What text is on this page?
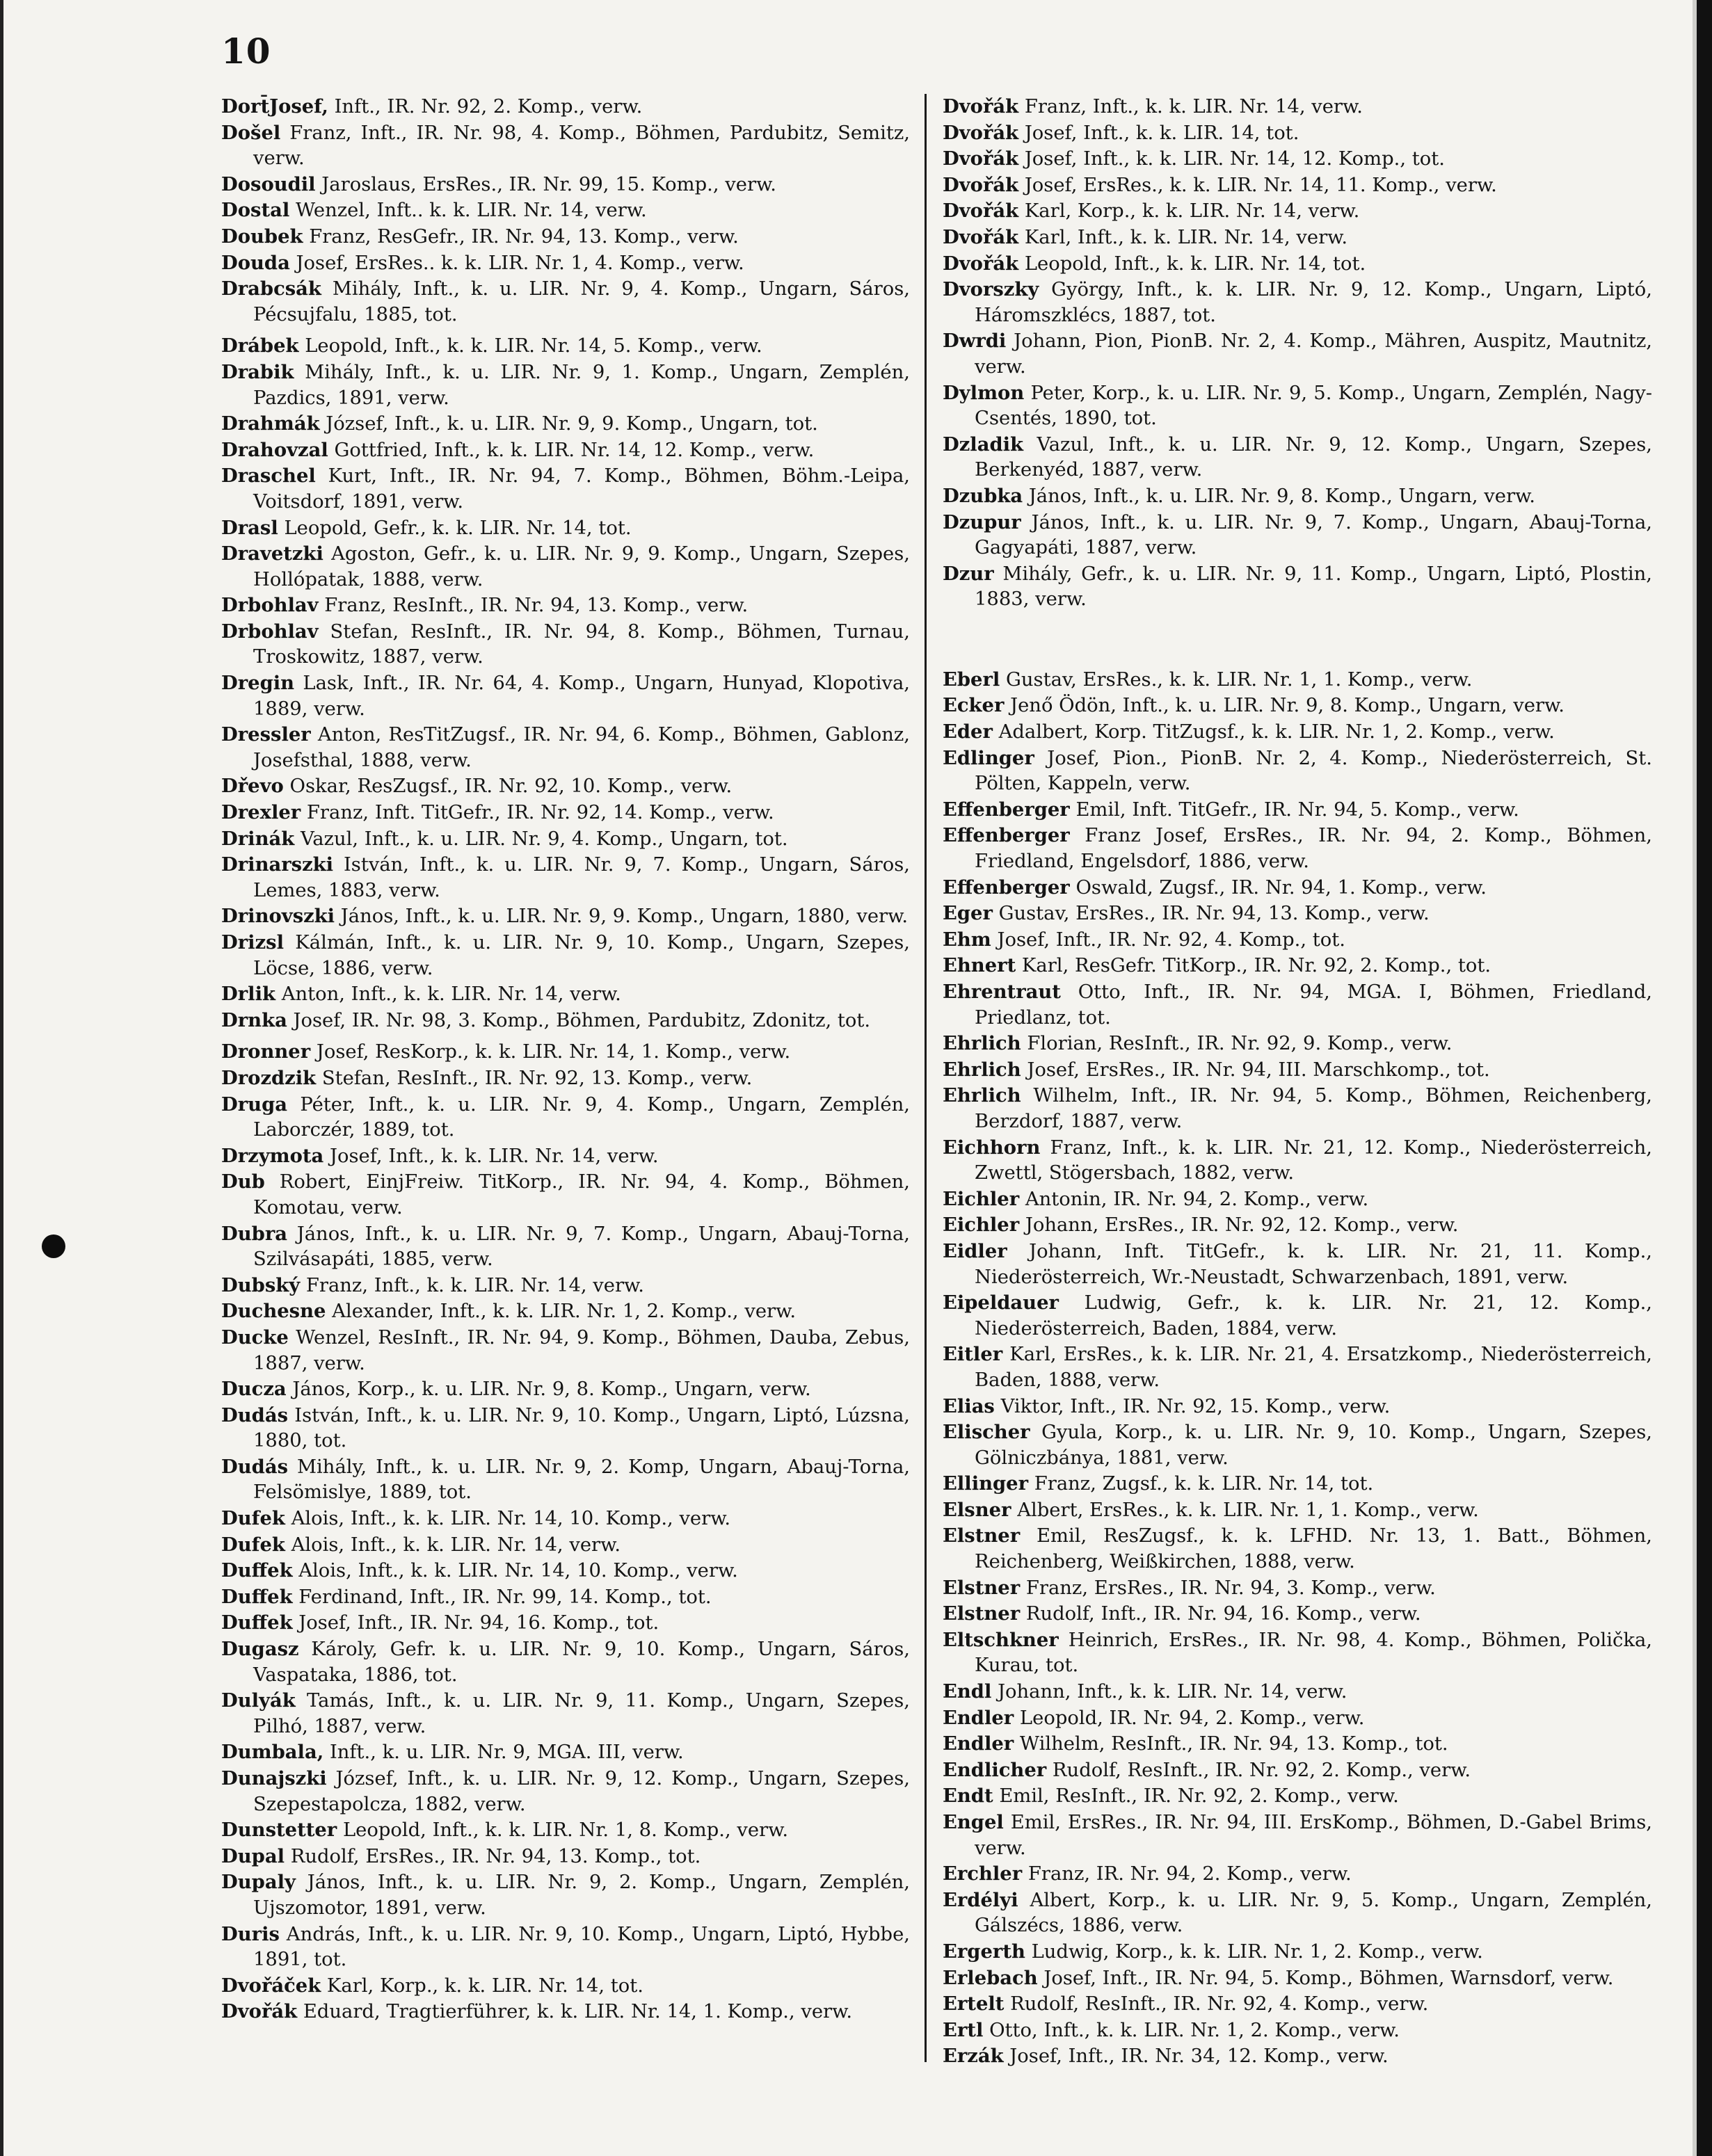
10

Dort̄Josef, Inft., IR. Nr. 92, 2. Komp., verw.

Došel Franz, Inft., IR. Nr. 98, 4. Komp., Böhmen, Pardubitz, Semitz, verw.

Dosoudil Jaroslaus, ErsRes., IR. Nr. 99, 15. Komp., verw.

Dostal Wenzel, Inft.. k. k. LIR. Nr. 14, verw.

Doubek Franz, ResGefr., IR. Nr. 94, 13. Komp., verw.

Douda Josef, ErsRes.. k. k. LIR. Nr. 1, 4. Komp., verw.

Drabcsák Mihály, Inft., k. u. LIR. Nr. 9, 4. Komp., Ungarn, Sáros, Pécsujfalu, 1885, tot.

Drábek Leopold, Inft., k. k. LIR. Nr. 14, 5. Komp., verw.

Drabik Mihály, Inft., k. u. LIR. Nr. 9, 1. Komp., Ungarn, Zemplén, Pazdics, 1891, verw.

Drahmák József, Inft., k. u. LIR. Nr. 9, 9. Komp., Ungarn, tot.

Drahovzal Gottfried, Inft., k. k. LIR. Nr. 14, 12. Komp., verw.

Draschel Kurt, Inft., IR. Nr. 94, 7. Komp., Böhmen, Böhm.-Leipa, Voitsdorf, 1891, verw.

Drasl Leopold, Gefr., k. k. LIR. Nr. 14, tot.

Dravetzki Agoston, Gefr., k. u. LIR. Nr. 9, 9. Komp., Ungarn, Szepes, Hollópatak, 1888, verw.

Drbohlav Franz, ResInft., IR. Nr. 94, 13. Komp., verw.

Drbohlav Stefan, ResInft., IR. Nr. 94, 8. Komp., Böhmen, Turnau, Troskowitz, 1887, verw.

Dregin Lask, Inft., IR. Nr. 64, 4. Komp., Ungarn, Hunyad, Klopotiva, 1889, verw.

Dressler Anton, ResTitZugsf., IR. Nr. 94, 6. Komp., Böhmen, Gablonz, Josefsthal, 1888, verw.

Dřevo Oskar, ResZugsf., IR. Nr. 92, 10. Komp., verw.

Drexler Franz, Inft. TitGefr., IR. Nr. 92, 14. Komp., verw.

Drinák Vazul, Inft., k. u. LIR. Nr. 9, 4. Komp., Ungarn, tot.

Drinarszki István, Inft., k. u. LIR. Nr. 9, 7. Komp., Ungarn, Sáros, Lemes, 1883, verw.

Drinovszki János, Inft., k. u. LIR. Nr. 9, 9. Komp., Ungarn, 1880, verw.

Drizsl Kálmán, Inft., k. u. LIR. Nr. 9, 10. Komp., Ungarn, Szepes, Löcse, 1886, verw.

Drlik Anton, Inft., k. k. LIR. Nr. 14, verw.

Drnka Josef, IR. Nr. 98, 3. Komp., Böhmen, Pardubitz, Zdonitz, tot.

Dronner Josef, ResKorp., k. k. LIR. Nr. 14, 1. Komp., verw.

Drozdzik Stefan, ResInft., IR. Nr. 92, 13. Komp., verw.

Druga Péter, Inft., k. u. LIR. Nr. 9, 4. Komp., Ungarn, Zemplén, Laborczér, 1889, tot.

Drzymota Josef, Inft., k. k. LIR. Nr. 14, verw.

Dub Robert, EinjFreiw. TitKorp., IR. Nr. 94, 4. Komp., Böhmen, Komotau, verw.

Dubra János, Inft., k. u. LIR. Nr. 9, 7. Komp., Ungarn, Abauj-Torna, Szilvásapáti, 1885, verw.

Dubský Franz, Inft., k. k. LIR. Nr. 14, verw.

Duchesne Alexander, Inft., k. k. LIR. Nr. 1, 2. Komp., verw.

Ducke Wenzel, ResInft., IR. Nr. 94, 9. Komp., Böhmen, Dauba, Zebus, 1887, verw.

Ducza János, Korp., k. u. LIR. Nr. 9, 8. Komp., Ungarn, verw.

Dudás István, Inft., k. u. LIR. Nr. 9, 10. Komp., Ungarn, Liptó, Lúzsna, 1880, tot.

Dudás Mihály, Inft., k. u. LIR. Nr. 9, 2. Komp, Ungarn, Abauj-Torna, Felsömislye, 1889, tot.

Dufek Alois, Inft., k. k. LIR. Nr. 14, 10. Komp., verw.

Dufek Alois, Inft., k. k. LIR. Nr. 14, verw.

Duffek Alois, Inft., k. k. LIR. Nr. 14, 10. Komp., verw.

Duffek Ferdinand, Inft., IR. Nr. 99, 14. Komp., tot.

Duffek Josef, Inft., IR. Nr. 94, 16. Komp., tot.

Dugasz Károly, Gefr. k. u. LIR. Nr. 9, 10. Komp., Ungarn, Sáros, Vaspataka, 1886, tot.

Dulyák Tamás, Inft., k. u. LIR. Nr. 9, 11. Komp., Ungarn, Szepes, Pilhó, 1887, verw.

Dumbala, Inft., k. u. LIR. Nr. 9, MGA. III, verw.

Dunajszki József, Inft., k. u. LIR. Nr. 9, 12. Komp., Ungarn, Szepes, Szepestapolcza, 1882, verw.

Dunstetter Leopold, Inft., k. k. LIR. Nr. 1, 8. Komp., verw.

Dupal Rudolf, ErsRes., IR. Nr. 94, 13. Komp., tot.

Dupaly János, Inft., k. u. LIR. Nr. 9, 2. Komp., Ungarn, Zemplén, Ujszomotor, 1891, verw.

Duris András, Inft., k. u. LIR. Nr. 9, 10. Komp., Ungarn, Liptó, Hybbe, 1891, tot.

Dvořáček Karl, Korp., k. k. LIR. Nr. 14, tot.

Dvořák Eduard, Tragtierführer, k. k. LIR. Nr. 14, 1. Komp., verw.

Dvořák Franz, Inft., k. k. LIR. Nr. 14, verw.

Dvořák Josef, Inft., k. k. LIR. 14, tot.

Dvořák Josef, Inft., k. k. LIR. Nr. 14, 12. Komp., tot.

Dvořák Josef, ErsRes., k. k. LIR. Nr. 14, 11. Komp., verw.

Dvořák Karl, Korp., k. k. LIR. Nr. 14, verw.

Dvořák Karl, Inft., k. k. LIR. Nr. 14, verw.

Dvořák Leopold, Inft., k. k. LIR. Nr. 14, tot.

Dvorszky György, Inft., k. k. LIR. Nr. 9, 12. Komp., Ungarn, Liptó, Háromszklécs, 1887, tot.

Dwrdi Johann, Pion, PionB. Nr. 2, 4. Komp., Mähren, Auspitz, Mautnitz, verw.

Dylmon Peter, Korp., k. u. LIR. Nr. 9, 5. Komp., Ungarn, Zemplén, Nagy-Csentés, 1890, tot.

Dzladik Vazul, Inft., k. u. LIR. Nr. 9, 12. Komp., Ungarn, Szepes, Berkenyéd, 1887, verw.

Dzubka János, Inft., k. u. LIR. Nr. 9, 8. Komp., Ungarn, verw.

Dzupur János, Inft., k. u. LIR. Nr. 9, 7. Komp., Ungarn, Abauj-Torna, Gagyapáti, 1887, verw.

Dzur Mihály, Gefr., k. u. LIR. Nr. 9, 11. Komp., Ungarn, Liptó, Plostin, 1883, verw.

Eberl Gustav, ErsRes., k. k. LIR. Nr. 1, 1. Komp., verw.

Ecker Jenő Ödön, Inft., k. u. LIR. Nr. 9, 8. Komp., Ungarn, verw.

Eder Adalbert, Korp. TitZugsf., k. k. LIR. Nr. 1, 2. Komp., verw.

Edlinger Josef, Pion., PionB. Nr. 2, 4. Komp., Niederösterreich, St. Pölten, Kappeln, verw.

Effenberger Emil, Inft. TitGefr., IR. Nr. 94, 5. Komp., verw.

Effenberger Franz Josef, ErsRes., IR. Nr. 94, 2. Komp., Böhmen, Friedland, Engelsdorf, 1886, verw.

Effenberger Oswald, Zugsf., IR. Nr. 94, 1. Komp., verw.

Eger Gustav, ErsRes., IR. Nr. 94, 13. Komp., verw.

Ehm Josef, Inft., IR. Nr. 92, 4. Komp., tot.

Ehnert Karl, ResGefr. TitKorp., IR. Nr. 92, 2. Komp., tot.

Ehrentraut Otto, Inft., IR. Nr. 94, MGA. I, Böhmen, Friedland, Priedlanz, tot.

Ehrlich Florian, ResInft., IR. Nr. 92, 9. Komp., verw.

Ehrlich Josef, ErsRes., IR. Nr. 94, III. Marschkomp., tot.

Ehrlich Wilhelm, Inft., IR. Nr. 94, 5. Komp., Böhmen, Reichenberg, Berzdorf, 1887, verw.

Eichhorn Franz, Inft., k. k. LIR. Nr. 21, 12. Komp., Niederösterreich, Zwettl, Stögersbach, 1882, verw.

Eichler Antonin, IR. Nr. 94, 2. Komp., verw.

Eichler Johann, ErsRes., IR. Nr. 92, 12. Komp., verw.

Eidler Johann, Inft. TitGefr., k. k. LIR. Nr. 21, 11. Komp., Niederösterreich, Wr.-Neustadt, Schwarzenbach, 1891, verw.

Eipeldauer Ludwig, Gefr., k. k. LIR. Nr. 21, 12. Komp., Niederösterreich, Baden, 1884, verw.

Eitler Karl, ErsRes., k. k. LIR. Nr. 21, 4. Ersatzkomp., Niederösterreich, Baden, 1888, verw.

Elias Viktor, Inft., IR. Nr. 92, 15. Komp., verw.

Elischer Gyula, Korp., k. u. LIR. Nr. 9, 10. Komp., Ungarn, Szepes, Gölniczbánya, 1881, verw.

Ellinger Franz, Zugsf., k. k. LIR. Nr. 14, tot.

Elsner Albert, ErsRes., k. k. LIR. Nr. 1, 1. Komp., verw.

Elstner Emil, ResZugsf., k. k. LFHD. Nr. 13, 1. Batt., Böhmen, Reichenberg, Weißkirchen, 1888, verw.

Elstner Franz, ErsRes., IR. Nr. 94, 3. Komp., verw.

Elstner Rudolf, Inft., IR. Nr. 94, 16. Komp., verw.

Eltschkner Heinrich, ErsRes., IR. Nr. 98, 4. Komp., Böhmen, Polička, Kurau, tot.

Endl Johann, Inft., k. k. LIR. Nr. 14, verw.

Endler Leopold, IR. Nr. 94, 2. Komp., verw.

Endler Wilhelm, ResInft., IR. Nr. 94, 13. Komp., tot.

Endlicher Rudolf, ResInft., IR. Nr. 92, 2. Komp., verw.

Endt Emil, ResInft., IR. Nr. 92, 2. Komp., verw.

Engel Emil, ErsRes., IR. Nr. 94, III. ErsKomp., Böhmen, D.-Gabel Brims, verw.

Erchler Franz, IR. Nr. 94, 2. Komp., verw.

Erdélyi Albert, Korp., k. u. LIR. Nr. 9, 5. Komp., Ungarn, Zemplén, Gálszécs, 1886, verw.

Ergerth Ludwig, Korp., k. k. LIR. Nr. 1, 2. Komp., verw.

Erlebach Josef, Inft., IR. Nr. 94, 5. Komp., Böhmen, Warnsdorf, verw.

Ertelt Rudolf, ResInft., IR. Nr. 92, 4. Komp., verw.

Ertl Otto, Inft., k. k. LIR. Nr. 1, 2. Komp., verw.

Erzák Josef, Inft., IR. Nr. 34, 12. Komp., verw.
